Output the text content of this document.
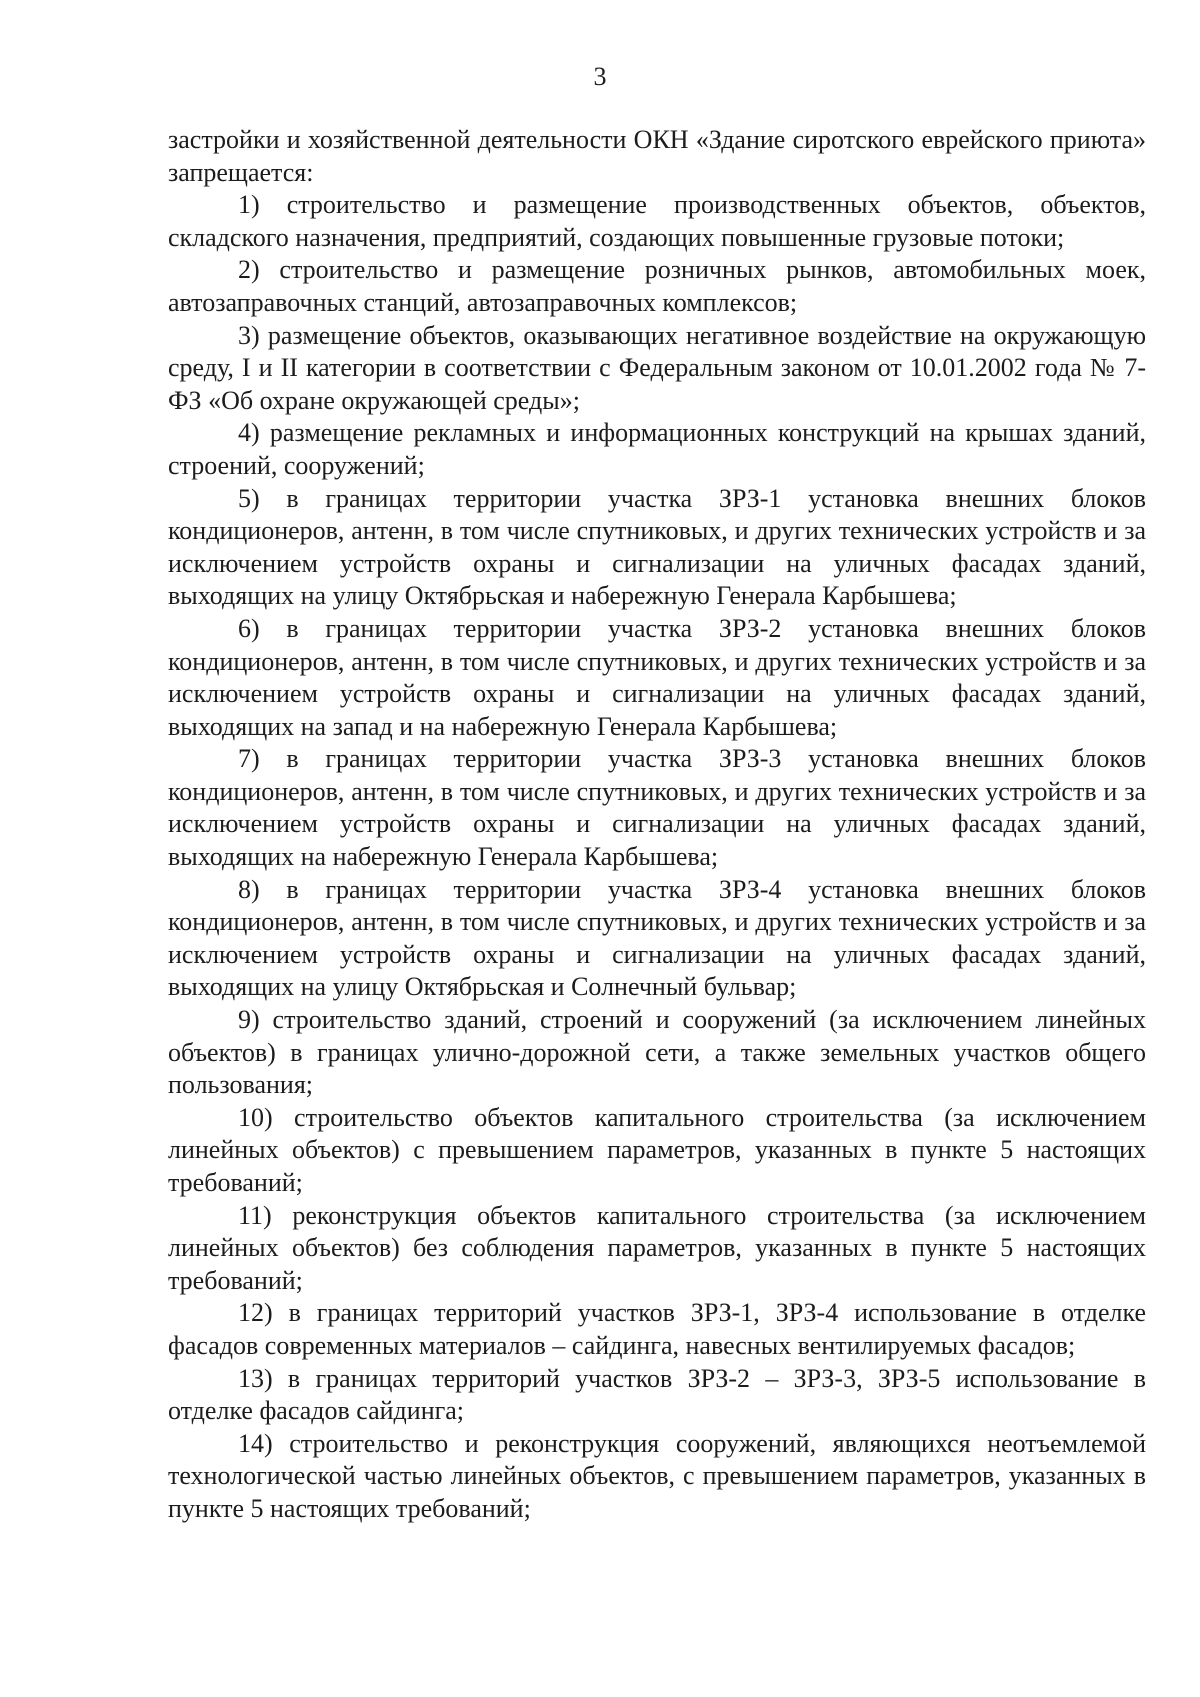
3

застройки и хозяйственной деятельности ОКН «Здание сиротского еврейского приюта» запрещается:

1) строительство и размещение производственных объектов, объектов, складского назначения, предприятий, создающих повышенные грузовые потоки;

2) строительство и размещение розничных рынков, автомобильных моек, автозаправочных станций, автозаправочных комплексов;

3) размещение объектов, оказывающих негативное воздействие на окружающую среду, I и II категории в соответствии с Федеральным законом от 10.01.2002 года № 7-ФЗ «Об охране окружающей среды»;

4) размещение рекламных и информационных конструкций на крышах зданий, строений, сооружений;

5) в границах территории участка ЗРЗ-1 установка внешних блоков кондиционеров, антенн, в том числе спутниковых, и других технических устройств и за исключением устройств охраны и сигнализации на уличных фасадах зданий, выходящих на улицу Октябрьская и набережную Генерала Карбышева;

6) в границах территории участка ЗРЗ-2 установка внешних блоков кондиционеров, антенн, в том числе спутниковых, и других технических устройств и за исключением устройств охраны и сигнализации на уличных фасадах зданий, выходящих на запад и на набережную Генерала Карбышева;

7) в границах территории участка ЗРЗ-3 установка внешних блоков кондиционеров, антенн, в том числе спутниковых, и других технических устройств и за исключением устройств охраны и сигнализации на уличных фасадах зданий, выходящих на набережную Генерала Карбышева;

8) в границах территории участка ЗРЗ-4 установка внешних блоков кондиционеров, антенн, в том числе спутниковых, и других технических устройств и за исключением устройств охраны и сигнализации на уличных фасадах зданий, выходящих на улицу Октябрьская и Солнечный бульвар;

9) строительство зданий, строений и сооружений (за исключением линейных объектов) в границах улично-дорожной сети, а также земельных участков общего пользования;

10) строительство объектов капитального строительства (за исключением линейных объектов) с превышением параметров, указанных в пункте 5 настоящих требований;

11) реконструкция объектов капитального строительства (за исключением линейных объектов) без соблюдения параметров, указанных в пункте 5 настоящих требований;

12) в границах территорий участков ЗРЗ-1, ЗРЗ-4 использование в отделке фасадов современных материалов – сайдинга, навесных вентилируемых фасадов;

13) в границах территорий участков ЗРЗ-2 – ЗРЗ-3, ЗРЗ-5 использование в отделке фасадов сайдинга;

14) строительство и реконструкция сооружений, являющихся неотъемлемой технологической частью линейных объектов, с превышением параметров, указанных в пункте 5 настоящих требований;
